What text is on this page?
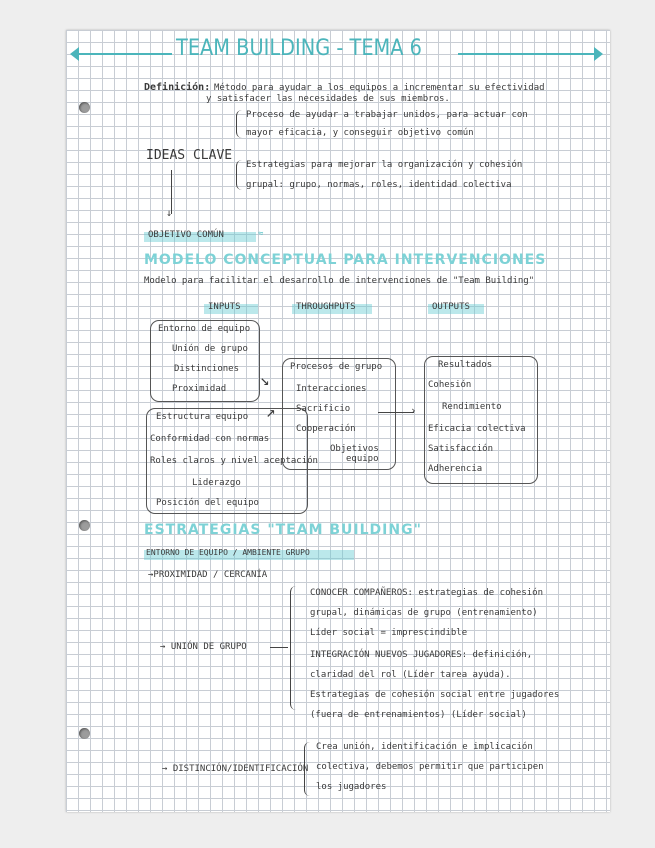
TEAM BUILDING - TEMA 6
Definición: Método para ayudar a los equipos a incrementar su efectividad
y satisfacer las necesidades de sus miembros.
Proceso de ayudar a trabajar unidos, para actuar con
mayor eficacia, y conseguir objetivo común
IDEAS CLAVE
Estrategias para mejorar la organización y cohesión
grupal: grupo, normas, roles, identidad colectiva
↓
OBJETIVO COMÚN	≈
MODELO CONCEPTUAL PARA INTERVENCIONES
Modelo para facilitar el desarrollo de intervenciones de "Team Building"
INPUTS	THROUGHPUTS	OUTPUTS
Entorno de equipo
Unión de grupo
Distinciones
Proximidad
Estructura equipo
Conformidad con normas
Roles claros y nivel aceptación
Liderazgo
Posición del equipo
↘
↗
Procesos de grupo
Interacciones
Sacrificio
Cooperación
Objetivos
equipo
›
Resultados
Cohesión
Rendimiento
Eficacia colectiva
Satisfacción
Adherencia
ESTRATEGIAS "TEAM BUILDING"
ENTORNO DE EQUIPO / AMBIENTE GRUPO
→PROXIMIDAD / CERCANÍA
→ UNIÓN DE GRUPO
CONOCER COMPAÑEROS: estrategias de cohesión
grupal, dinámicas de grupo (entrenamiento)
Líder social = imprescindible
INTEGRACIÓN NUEVOS JUGADORES: definición,
claridad del rol (Líder tarea ayuda).
Estrategias de cohesión social entre jugadores
(fuera de entrenamientos) (Líder social)
→ DISTINCIÓN/IDENTIFICACIÓN
Crea unión, identificación e implicación
colectiva, debemos permitir que participen
los jugadores
